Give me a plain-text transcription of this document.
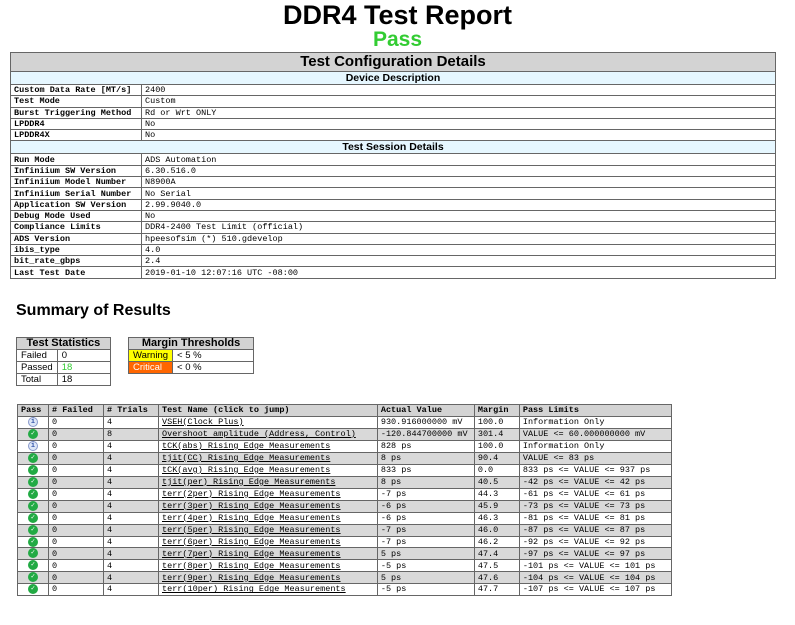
DDR4 Test Report
Pass
Test Configuration Details	
Device Description	
Custom Data Rate [MT/s]	2400
Test Mode	Custom
Burst Triggering Method	Rd or Wrt ONLY
LPDDR4	No
LPDDR4X	No
Test Session Details	
Run Mode	ADS Automation
Infiniium SW Version	6.30.516.0
Infiniium Model Number	N8900A
Infiniium Serial Number	No Serial
Application SW Version	2.99.9040.0
Debug Mode Used	No
Compliance Limits	DDR4-2400 Test Limit (official)
ADS Version	hpeesofsim (*) 510.gdevelop
ibis_type	4.0
bit_rate_gbps	2.4
Last Test Date	2019-01-10 12:07:16 UTC -08:00
Summary of Results
Test Statistics	
Failed	0
Passed	18
Total	18
Margin Thresholds	
Warning	< 5 %
Critical	< 0 %
Pass	# Failed	# Trials	Test Name (click to jump)	Actual Value	Margin	Pass Limits
i	0	4	VSEH(Clock Plus)	930.916000000 mV	100.0	Information Only
✓	0	8	Overshoot amplitude (Address, Control)	-120.844700000 mV	301.4	VALUE <= 60.000000000 mV
i	0	4	tCK(abs) Rising Edge Measurements	828 ps	100.0	Information Only
✓	0	4	tjit(CC) Rising Edge Measurements	8 ps	90.4	VALUE <= 83 ps
✓	0	4	tCK(avg) Rising Edge Measurements	833 ps	0.0	833 ps <= VALUE <= 937 ps
✓	0	4	tjit(per) Rising Edge Measurements	8 ps	40.5	-42 ps <= VALUE <= 42 ps
✓	0	4	terr(2per) Rising Edge Measurements	-7 ps	44.3	-61 ps <= VALUE <= 61 ps
✓	0	4	terr(3per) Rising Edge Measurements	-6 ps	45.9	-73 ps <= VALUE <= 73 ps
✓	0	4	terr(4per) Rising Edge Measurements	-6 ps	46.3	-81 ps <= VALUE <= 81 ps
✓	0	4	terr(5per) Rising Edge Measurements	-7 ps	46.0	-87 ps <= VALUE <= 87 ps
✓	0	4	terr(6per) Rising Edge Measurements	-7 ps	46.2	-92 ps <= VALUE <= 92 ps
✓	0	4	terr(7per) Rising Edge Measurements	5 ps	47.4	-97 ps <= VALUE <= 97 ps
✓	0	4	terr(8per) Rising Edge Measurements	-5 ps	47.5	-101 ps <= VALUE <= 101 ps
✓	0	4	terr(9per) Rising Edge Measurements	5 ps	47.6	-104 ps <= VALUE <= 104 ps
✓	0	4	terr(10per) Rising Edge Measurements	-5 ps	47.7	-107 ps <= VALUE <= 107 ps
